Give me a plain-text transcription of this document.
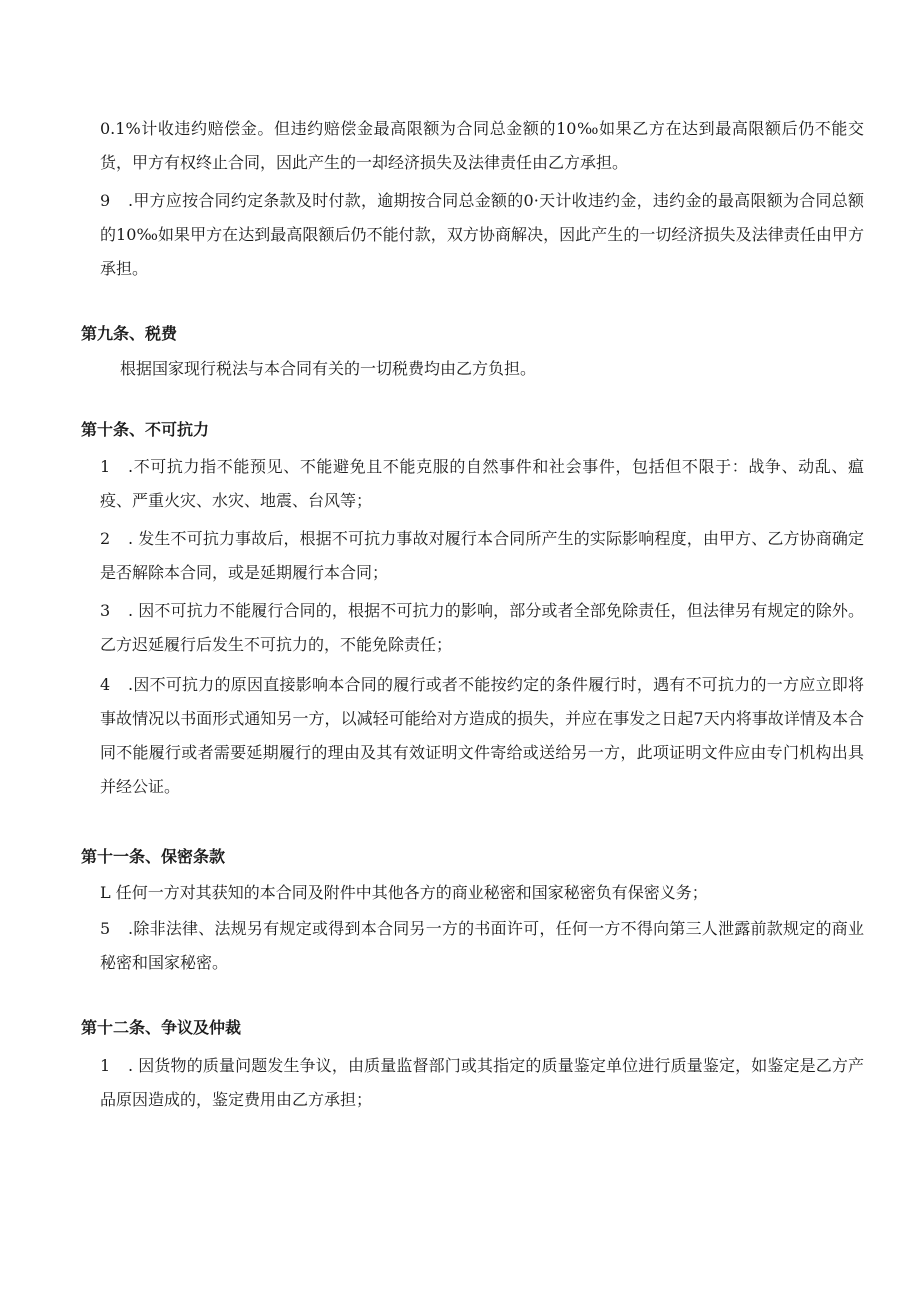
0.1%计收违约赔偿金。但违约赔偿金最高限额为合同总金额的10‰如果乙方在达到最高限额后仍不能交货，甲方有权终止合同，因此产生的一却经济损失及法律责任由乙方承担。

9 .甲方应按合同约定条款及时付款，逾期按合同总金额的0·天计收违约金，违约金的最高限额为合同总额的10‰如果甲方在达到最高限额后仍不能付款，双方协商解决，因此产生的一切经济损失及法律责任由甲方承担。

第九条、税费

根据国家现行税法与本合同有关的一切税费均由乙方负担。

第十条、不可抗力

1 .不可抗力指不能预见、不能避免且不能克服的自然事件和社会事件，包括但不限于：战争、动乱、瘟疫、严重火灾、水灾、地震、台风等；

2 . 发生不可抗力事故后，根据不可抗力事故对履行本合同所产生的实际影响程度，由甲方、乙方协商确定是否解除本合同，或是延期履行本合同；

3 . 因不可抗力不能履行合同的，根据不可抗力的影响，部分或者全部免除责任，但法律另有规定的除外。乙方迟延履行后发生不可抗力的，不能免除责任；

4 .因不可抗力的原因直接影响本合同的履行或者不能按约定的条件履行时，遇有不可抗力的一方应立即将事故情况以书面形式通知另一方，以减轻可能给对方造成的损失，并应在事发之日起7天内将事故详情及本合同不能履行或者需要延期履行的理由及其有效证明文件寄给或送给另一方，此项证明文件应由专门机构出具并经公证。

第十一条、保密条款

L 任何一方对其获知的本合同及附件中其他各方的商业秘密和国家秘密负有保密义务；

5 .除非法律、法规另有规定或得到本合同另一方的书面许可，任何一方不得向第三人泄露前款规定的商业秘密和国家秘密。

第十二条、争议及仲裁

1 . 因货物的质量问题发生争议，由质量监督部门或其指定的质量鉴定单位进行质量鉴定，如鉴定是乙方产品原因造成的，鉴定费用由乙方承担；
